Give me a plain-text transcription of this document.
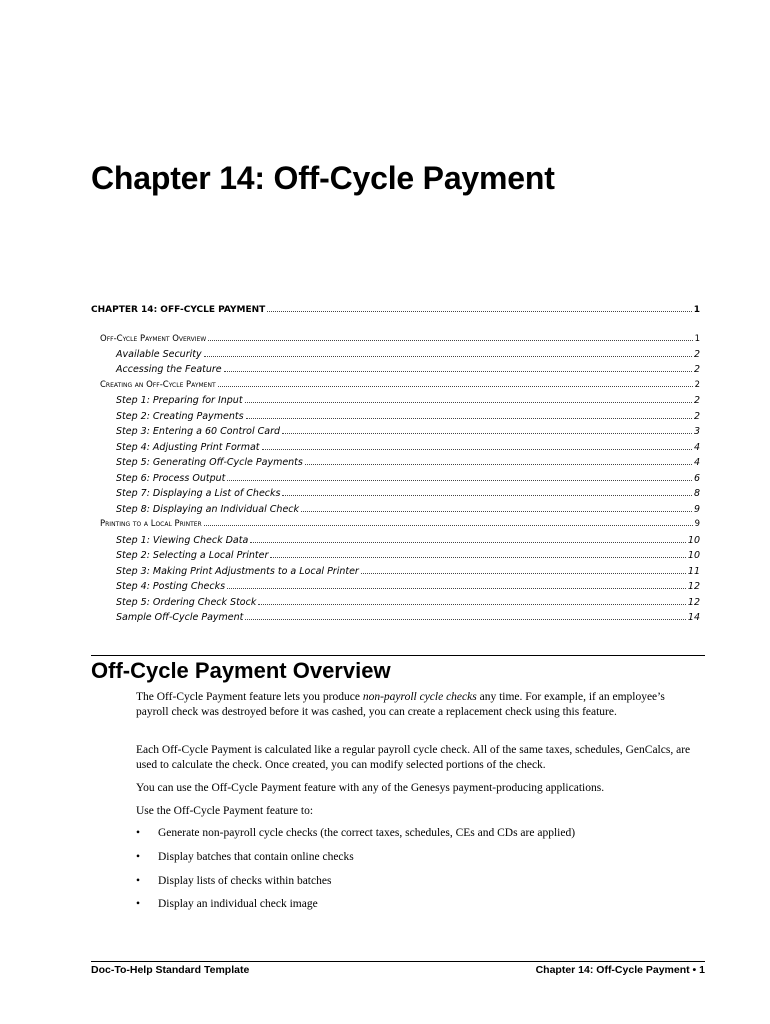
Chapter 14: Off-Cycle Payment
CHAPTER 14: OFF-CYCLE PAYMENT	1
Off-Cycle Payment Overview	1
Available Security	2
Accessing the Feature	2
Creating an Off-Cycle Payment	2
Step 1: Preparing for Input	2
Step 2: Creating Payments	2
Step 3: Entering a 60 Control Card	3
Step 4: Adjusting Print Format	4
Step 5: Generating Off-Cycle Payments	4
Step 6: Process Output	6
Step 7: Displaying a List of Checks	8
Step 8: Displaying an Individual Check	9
Printing to a Local Printer	9
Step 1: Viewing Check Data	10
Step 2: Selecting a Local Printer	10
Step 3: Making Print Adjustments to a Local Printer	11
Step 4: Posting Checks	12
Step 5: Ordering Check Stock	12
Sample Off-Cycle Payment	14
Off-Cycle Payment Overview
The Off-Cycle Payment feature lets you produce non-payroll cycle checks any time. For example, if an employee’s payroll check was destroyed before it was cashed, you can create a replacement check using this feature.
Each Off-Cycle Payment is calculated like a regular payroll cycle check. All of the same taxes, schedules, GenCalcs, are used to calculate the check. Once created, you can modify selected portions of the check.
You can use the Off-Cycle Payment feature with any of the Genesys payment-producing applications.
Use the Off-Cycle Payment feature to:
• Generate non-payroll cycle checks (the correct taxes, schedules, CEs and CDs are applied)
• Display batches that contain online checks
• Display lists of checks within batches
• Display an individual check image
Doc-To-Help Standard Template	Chapter 14: Off-Cycle Payment • 1
